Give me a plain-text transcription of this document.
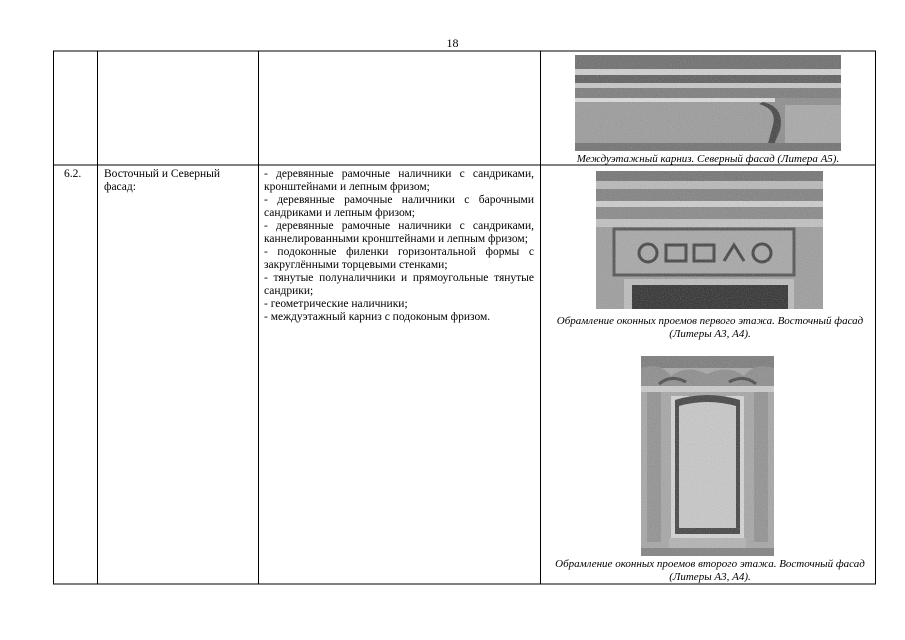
18
6.2. Восточный и Северный фасад:
- деревянные рамочные наличники с сандриками, кронштейнами и лепным фризом;
- деревянные рамочные наличники с барочными сандриками и лепным фризом;
- деревянные рамочные наличники с сандриками, каннелированными кронштейнами и лепным фризом;
- подоконные филенки горизонтальной формы с закруглёнными торцевыми стенками;
- тянутые полуналичники и прямоугольные тянутые сандрики;
- геометрические наличники;
- междуэтажный карниз с подоконым фризом.
Междуэтажный карниз. Северный фасад (Литера А5).
Обрамление оконных проемов первого этажа. Восточный фасад (Литеры А3, А4).
Обрамление оконных проемов второго этажа. Восточный фасад (Литеры А3, А4).
